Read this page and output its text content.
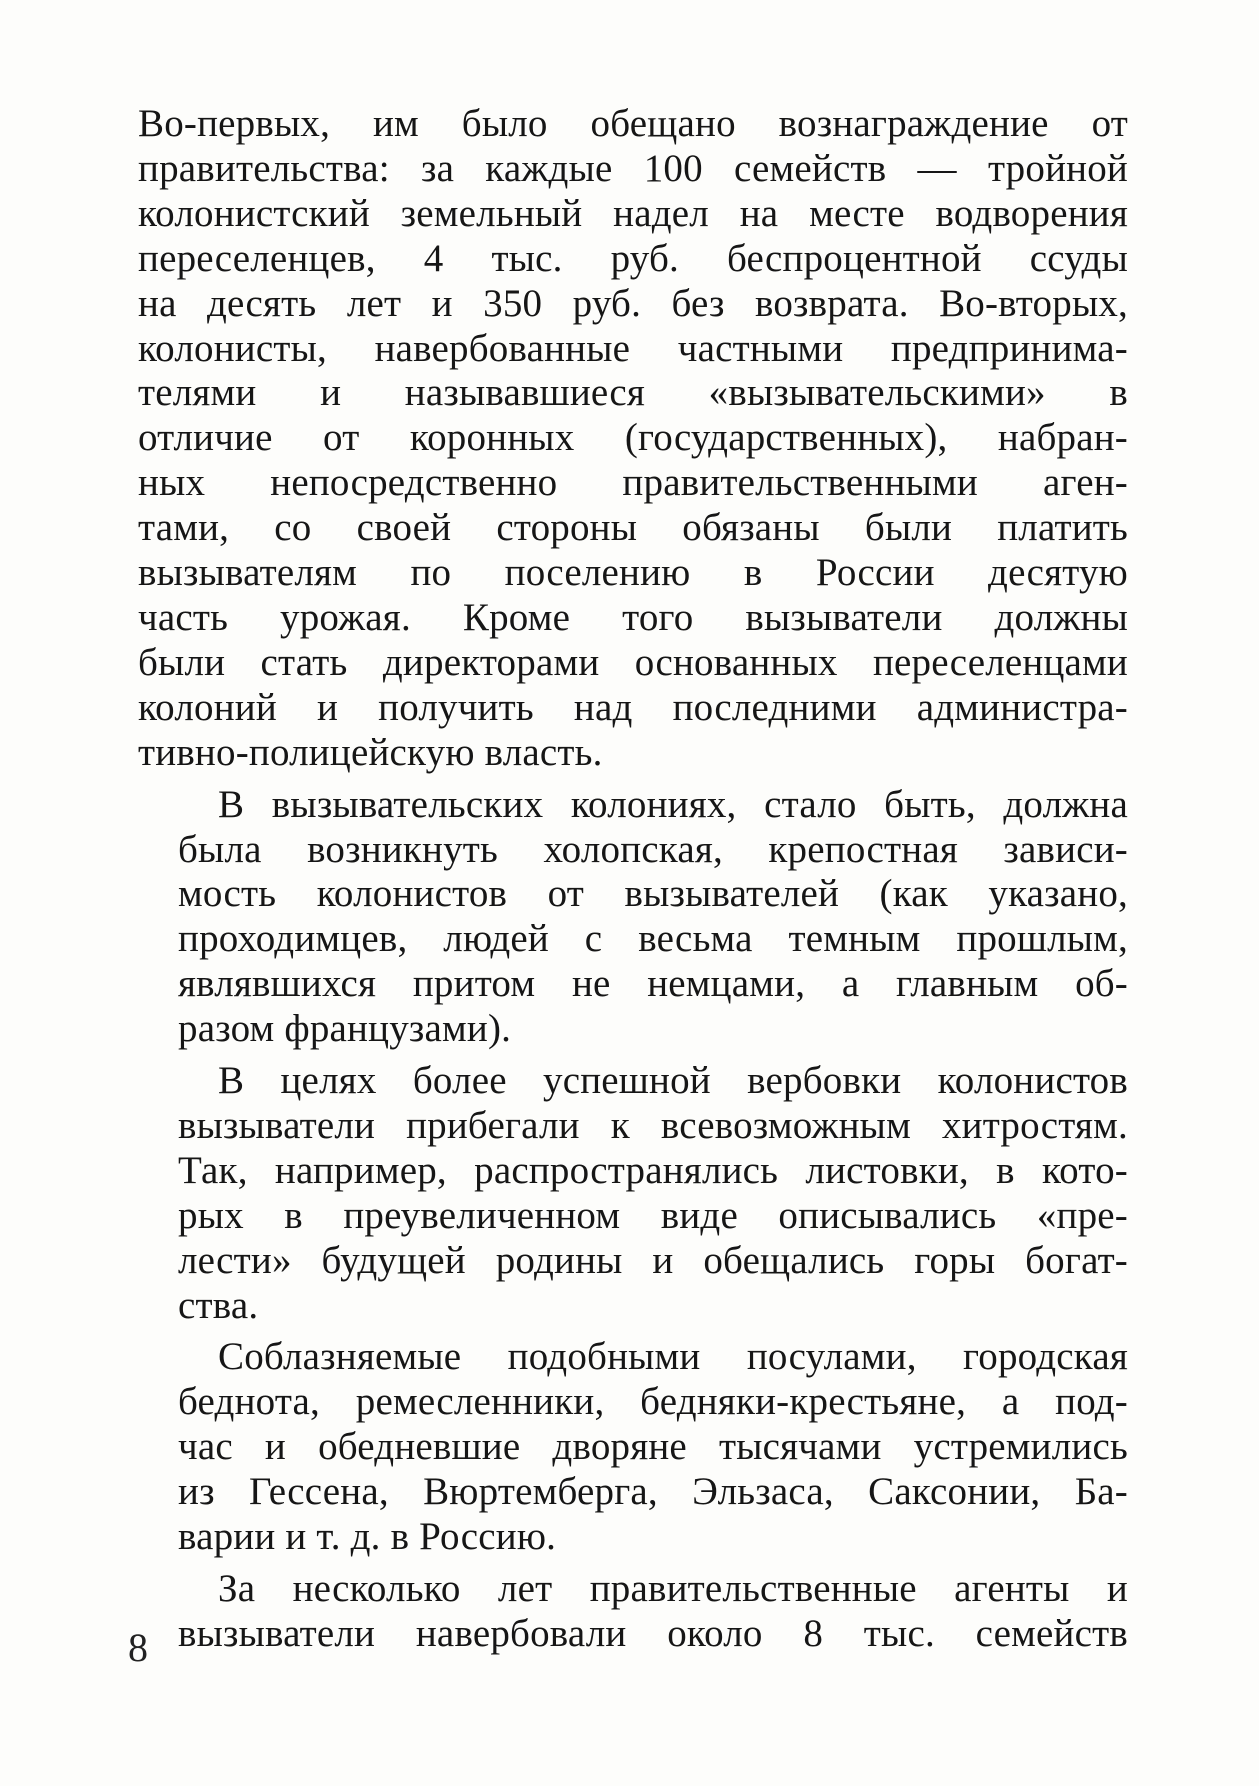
Во-первых, им было обещано вознаграждение от
правительства: за каждые 100 семейств — тройной
колонистский земельный надел на месте водворения
переселенцев, 4 тыс. руб. беспроцентной ссуды
на десять лет и 350 руб. без возврата. Во-вторых,
колонисты, навербованные частными предпринима-
телями и называвшиеся «вызывательскими» в
отличие от коронных (государственных), набран-
ных непосредственно правительственными аген-
тами, со своей стороны обязаны были платить
вызывателям по поселению в России десятую
часть урожая. Кроме того вызыватели должны
были стать директорами основанных переселенцами
колоний и получить над последними администра-
тивно-полицейскую власть.
В вызывательских колониях, стало быть, должна
была возникнуть холопская, крепостная зависи-
мость колонистов от вызывателей (как указано,
проходимцев, людей с весьма темным прошлым,
являвшихся притом не немцами, а главным об-
разом французами).
В целях более успешной вербовки колонистов
вызыватели прибегали к всевозможным хитростям.
Так, например, распространялись листовки, в кото-
рых в преувеличенном виде описывались «пре-
лести» будущей родины и обещались горы богат-
ства.
Соблазняемые подобными посулами, городская
беднота, ремесленники, бедняки-крестьяне, а под-
час и обедневшие дворяне тысячами устремились
из Гессена, Вюртемберга, Эльзаса, Саксонии, Ба-
варии и т. д. в Россию.
За несколько лет правительственные агенты и
вызыватели навербовали около 8 тыс. семейств
8
